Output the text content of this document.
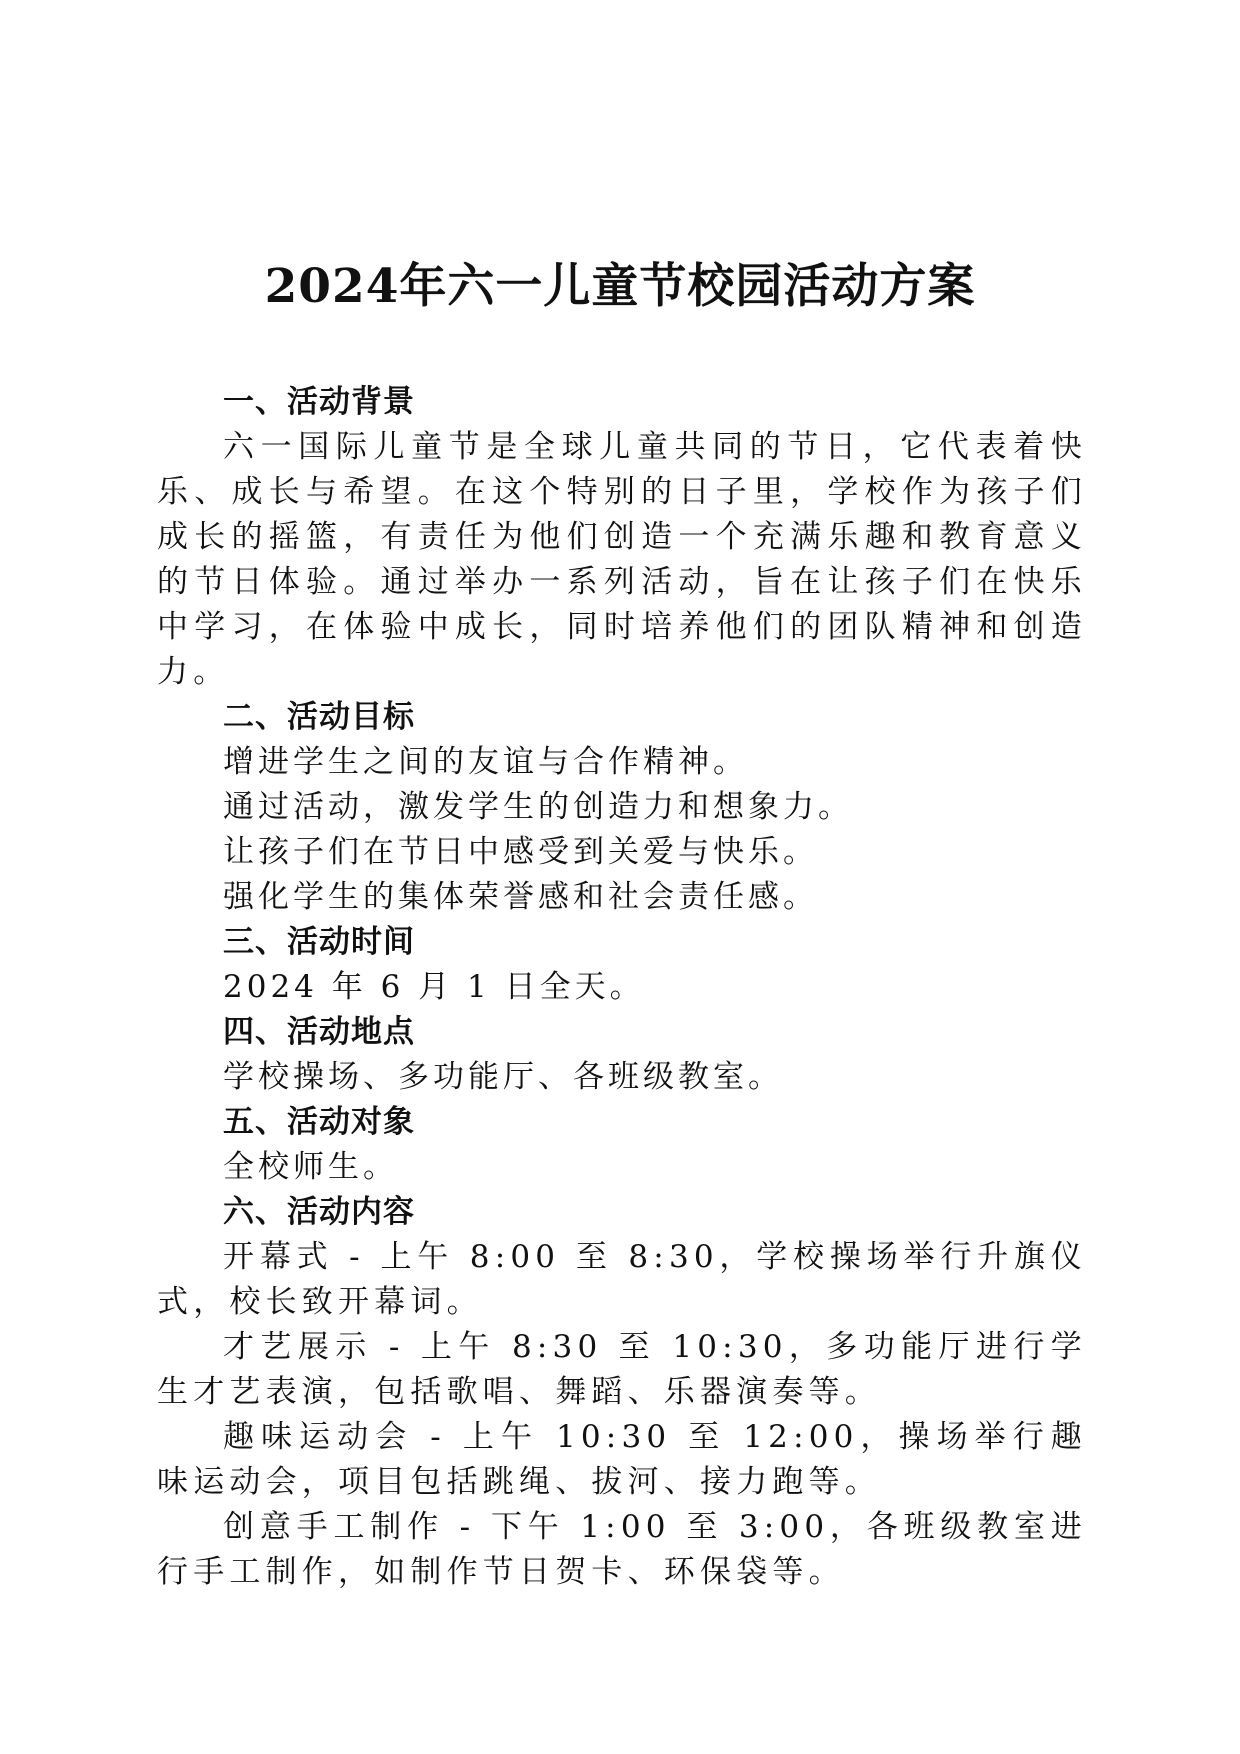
2024年六一儿童节校园活动方案

一、活动背景

六一国际儿童节是全球儿童共同的节日，它代表着快乐、成长与希望。在这个特别的日子里，学校作为孩子们成长的摇篮，有责任为他们创造一个充满乐趣和教育意义的节日体验。通过举办一系列活动，旨在让孩子们在快乐中学习，在体验中成长，同时培养他们的团队精神和创造力。

二、活动目标

增进学生之间的友谊与合作精神。

通过活动，激发学生的创造力和想象力。

让孩子们在节日中感受到关爱与快乐。

强化学生的集体荣誉感和社会责任感。

三、活动时间

2024 年 6 月 1 日全天。

四、活动地点

学校操场、多功能厅、各班级教室。

五、活动对象

全校师生。

六、活动内容

开幕式 - 上午 8:00 至 8:30，学校操场举行升旗仪式，校长致开幕词。

才艺展示 - 上午 8:30 至 10:30，多功能厅进行学生才艺表演，包括歌唱、舞蹈、乐器演奏等。

趣味运动会 - 上午 10:30 至 12:00，操场举行趣味运动会，项目包括跳绳、拔河、接力跑等。

创意手工制作 - 下午 1:00 至 3:00，各班级教室进行手工制作，如制作节日贺卡、环保袋等。
